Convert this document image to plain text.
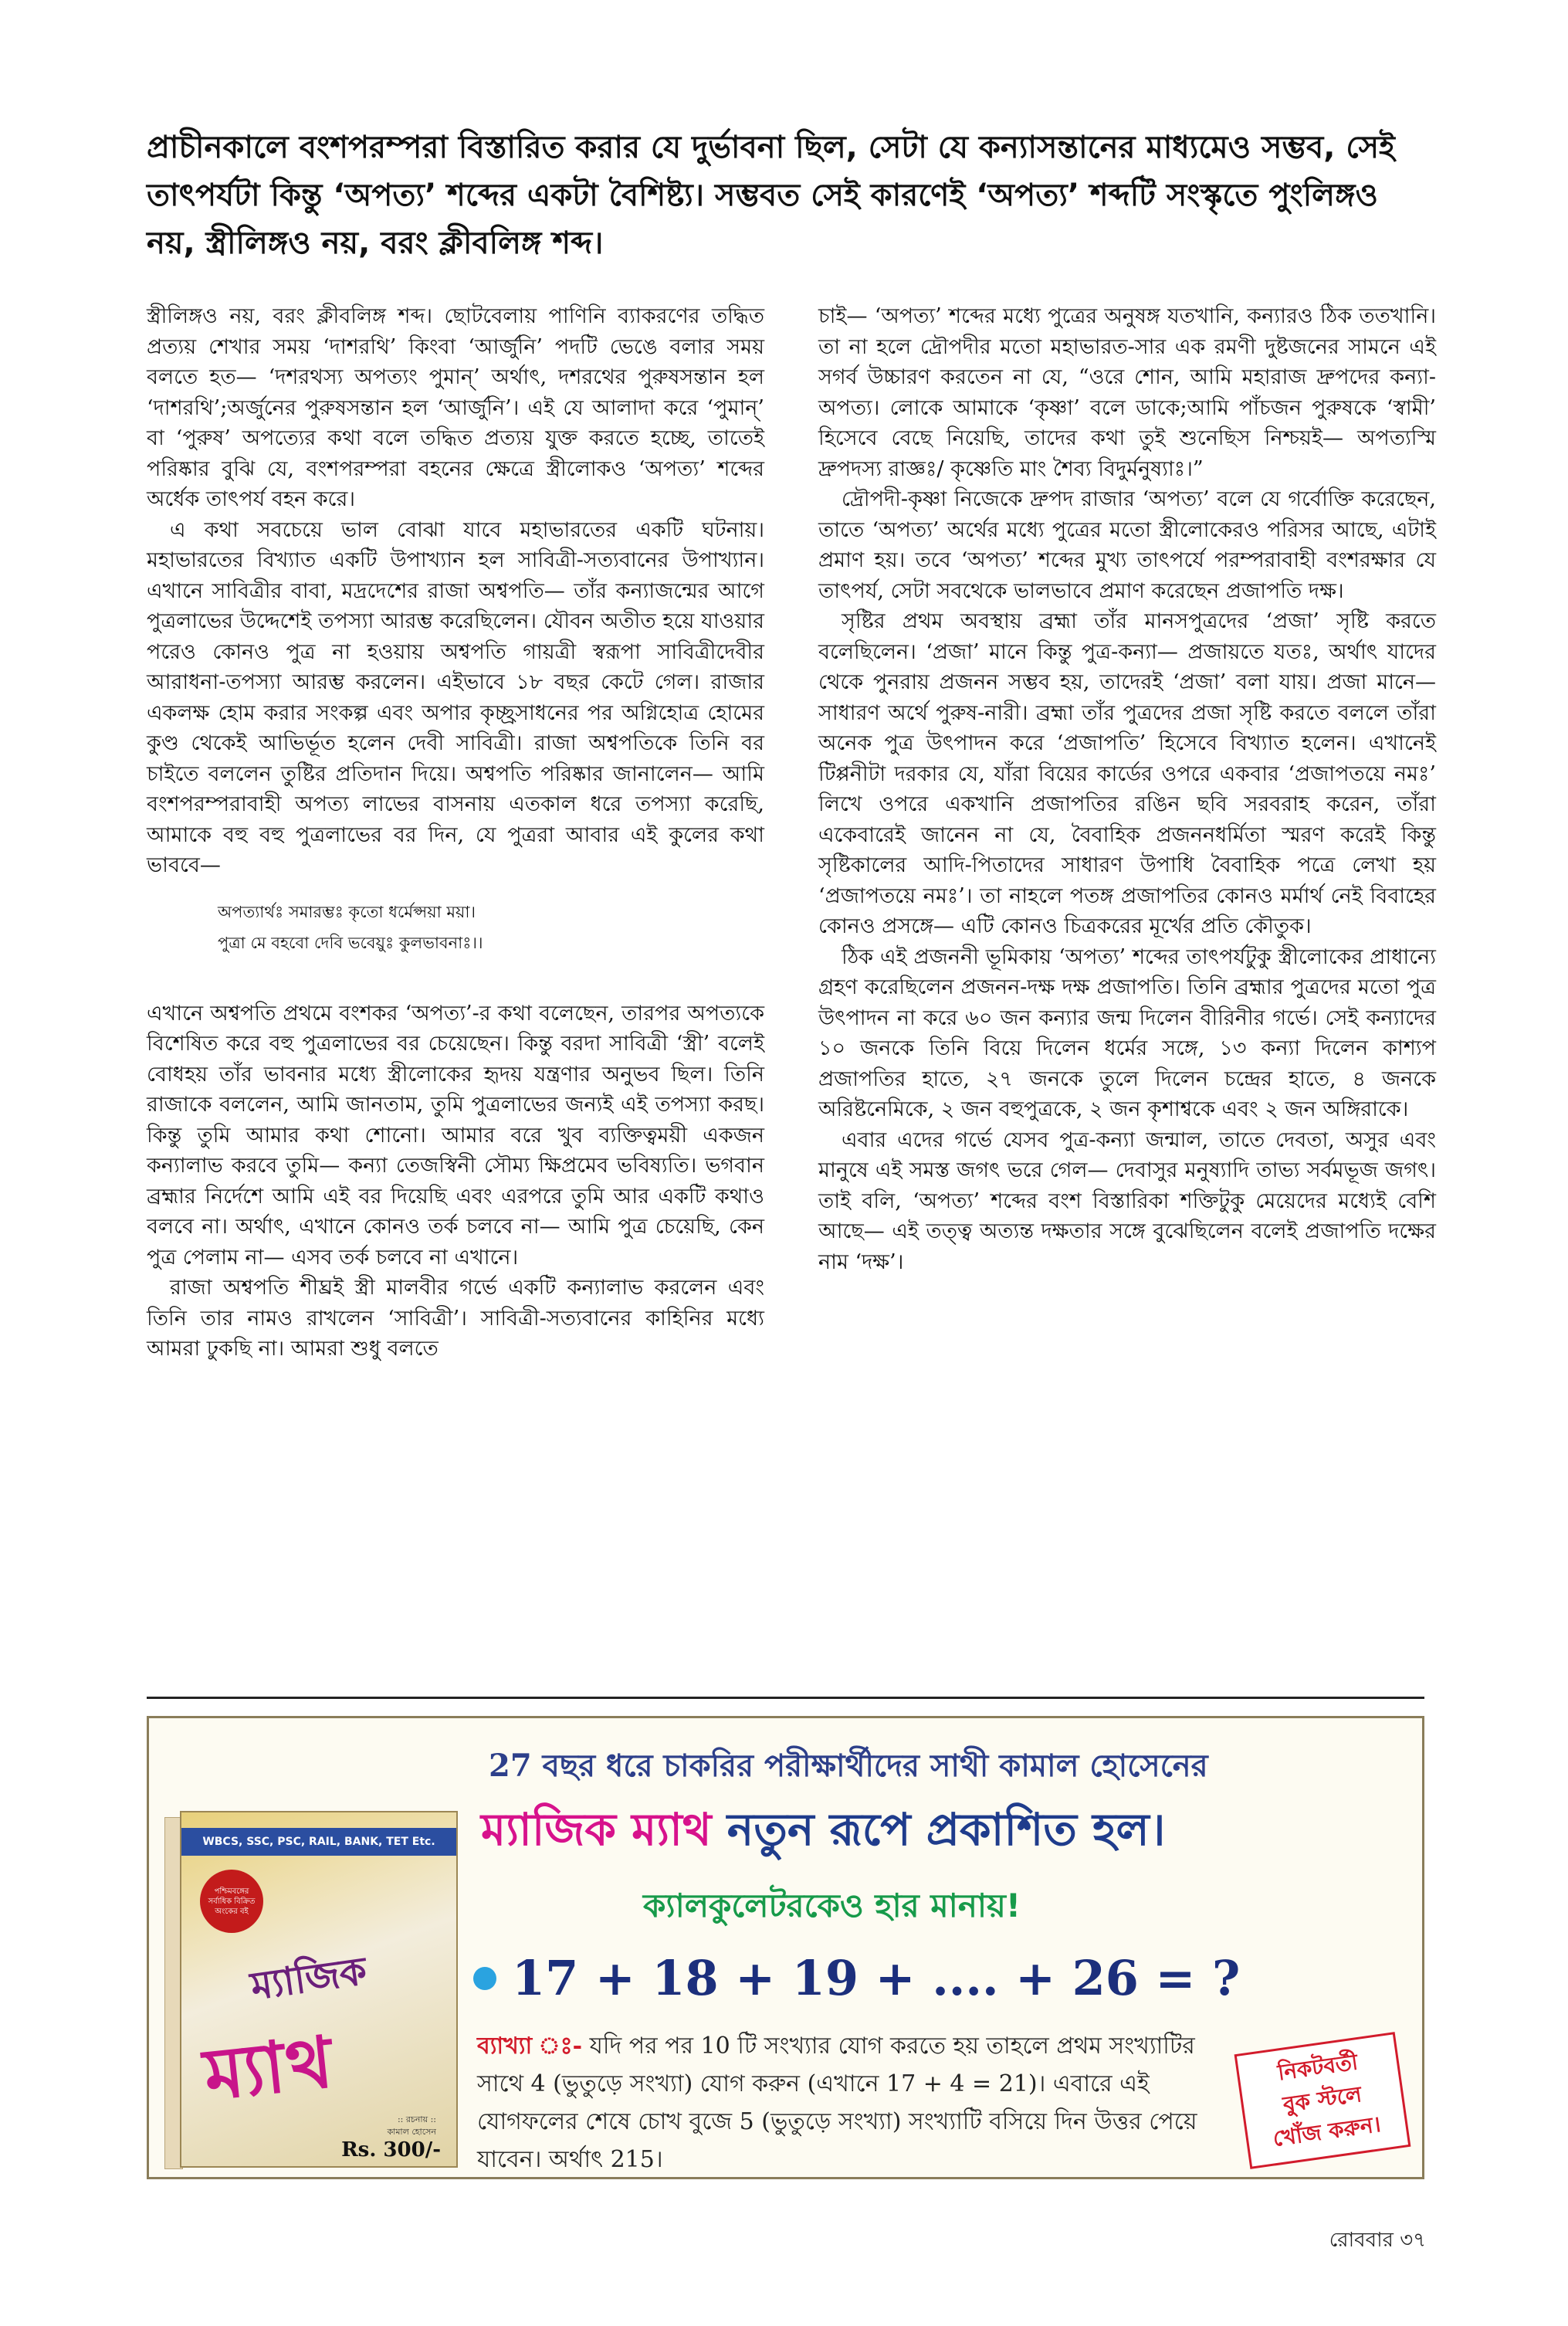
প্রাচীনকালে বংশপরম্পরা বিস্তারিত করার যে দুর্ভাবনা ছিল, সেটা যে কন্যাসন্তানের মাধ্যমেও সম্ভব, সেই তাৎপর্যটা কিন্তু ‘অপত্য’ শব্দের একটা বৈশিষ্ট্য। সম্ভবত সেই কারণেই ‘অপত্য’ শব্দটি সংস্কৃতে পুংলিঙ্গও নয়, স্ত্রীলিঙ্গও নয়, বরং ক্লীবলিঙ্গ শব্দ।

স্ত্রীলিঙ্গও নয়, বরং ক্লীবলিঙ্গ শব্দ। ছোটবেলায় পাণিনি ব্যাকরণের তদ্ধিত প্রত্যয় শেখার সময় ‘দাশরথি’ কিংবা ‘আর্জুনি’ পদটি ভেঙে বলার সময় বলতে হত— ‘দশরথস্য অপত্যং পুমান্’ অর্থাৎ, দশরথের পুরুষসন্তান হল ‘দাশরথি’;অর্জুনের পুরুষসন্তান হল ‘আর্জুনি’। এই যে আলাদা করে ‘পুমান্’ বা ‘পুরুষ’ অপত্যের কথা বলে তদ্ধিত প্রত্যয় যুক্ত করতে হচ্ছে, তাতেই পরিষ্কার বুঝি যে, বংশপরম্পরা বহনের ক্ষেত্রে স্ত্রীলোকও ‘অপত্য’ শব্দের অর্ধেক তাৎপর্য বহন করে।

এ কথা সবচেয়ে ভাল বোঝা যাবে মহাভারতের একটি ঘটনায়। মহাভারতের বিখ্যাত একটি উপাখ্যান হল সাবিত্রী-সত্যবানের উপাখ্যান। এখানে সাবিত্রীর বাবা, মদ্রদেশের রাজা অশ্বপতি— তাঁর কন্যাজন্মের আগে পুত্রলাভের উদ্দেশেই তপস্যা আরম্ভ করেছিলেন। যৌবন অতীত হয়ে যাওয়ার পরেও কোনও পুত্র না হওয়ায় অশ্বপতি গায়ত্রী স্বরূপা সাবিত্রীদেবীর আরাধনা-তপস্যা আরম্ভ করলেন। এইভাবে ১৮ বছর কেটে গেল। রাজার একলক্ষ হোম করার সংকল্প এবং অপার কৃচ্ছ্রসাধনের পর অগ্নিহোত্র হোমের কুণ্ড থেকেই আভির্ভূত হলেন দেবী সাবিত্রী। রাজা অশ্বপতিকে তিনি বর চাইতে বললেন তুষ্টির প্রতিদান দিয়ে। অশ্বপতি পরিষ্কার জানালেন— আমি বংশপরম্পরাবাহী অপত্য লাভের বাসনায় এতকাল ধরে তপস্যা করেছি, আমাকে বহু বহু পুত্রলাভের বর দিন, যে পুত্ররা আবার এই কুলের কথা ভাববে—

অপত্যার্থঃ সমারম্ভঃ কৃতো ধর্মেপ্সয়া ময়া।
পুত্রা মে বহবো দেবি ভবেয়ুঃ কুলভাবনাঃ।।

এখানে অশ্বপতি প্রথমে বংশকর ‘অপত্য’-র কথা বলেছেন, তারপর অপত্যকে বিশেষিত করে বহু পুত্রলাভের বর চেয়েছেন। কিন্তু বরদা সাবিত্রী ‘স্ত্রী’ বলেই বোধহয় তাঁর ভাবনার মধ্যে স্ত্রীলোকের হৃদয় যন্ত্রণার অনুভব ছিল। তিনি রাজাকে বললেন, আমি জানতাম, তুমি পুত্রলাভের জন্যই এই তপস্যা করছ। কিন্তু তুমি আমার কথা শোনো। আমার বরে খুব ব্যক্তিত্বময়ী একজন কন্যালাভ করবে তুমি— কন্যা তেজস্বিনী সৌম্য ক্ষিপ্রমেব ভবিষ্যতি। ভগবান ব্রহ্মার নির্দেশে আমি এই বর দিয়েছি এবং এরপরে তুমি আর একটি কথাও বলবে না। অর্থাৎ, এখানে কোনও তর্ক চলবে না— আমি পুত্র চেয়েছি, কেন পুত্র পেলাম না— এসব তর্ক চলবে না এখানে।

রাজা অশ্বপতি শীঘ্রই স্ত্রী মালবীর গর্ভে একটি কন্যালাভ করলেন এবং তিনি তার নামও রাখলেন ‘সাবিত্রী’। সাবিত্রী-সত্যবানের কাহিনির মধ্যে আমরা ঢুকছি না। আমরা শুধু বলতে

চাই— ‘অপত্য’ শব্দের মধ্যে পুত্রের অনুষঙ্গ যতখানি, কন্যারও ঠিক ততখানি। তা না হলে দ্রৌপদীর মতো মহাভারত-সার এক রমণী দুষ্টজনের সামনে এই সগর্ব উচ্চারণ করতেন না যে, “ওরে শোন, আমি মহারাজ দ্রুপদের কন্যা-অপত্য। লোকে আমাকে ‘কৃষ্ণা’ বলে ডাকে;আমি পাঁচজন পুরুষকে ‘স্বামী’ হিসেবে বেছে নিয়েছি, তাদের কথা তুই শুনেছিস নিশ্চয়ই— অপত্যস্মি দ্রুপদস্য রাজ্ঞঃ/ কৃষ্ণেতি মাং শৈব্য বিদুর্মনুষ্যাঃ।”

দ্রৌপদী-কৃষ্ণা নিজেকে দ্রুপদ রাজার ‘অপত্য’ বলে যে গর্বোক্তি করেছেন, তাতে ‘অপত্য’ অর্থের মধ্যে পুত্রের মতো স্ত্রীলোকেরও পরিসর আছে, এটাই প্রমাণ হয়। তবে ‘অপত্য’ শব্দের মুখ্য তাৎপর্যে পরম্পরাবাহী বংশরক্ষার যে তাৎপর্য, সেটা সবথেকে ভালভাবে প্রমাণ করেছেন প্রজাপতি দক্ষ।

সৃষ্টির প্রথম অবস্থায় ব্রহ্মা তাঁর মানসপুত্রদের ‘প্রজা’ সৃষ্টি করতে বলেছিলেন। ‘প্রজা’ মানে কিন্তু পুত্র-কন্যা— প্রজায়তে যতঃ, অর্থাৎ যাদের থেকে পুনরায় প্রজনন সম্ভব হয়, তাদেরই ‘প্রজা’ বলা যায়। প্রজা মানে— সাধারণ অর্থে পুরুষ-নারী। ব্রহ্মা তাঁর পুত্রদের প্রজা সৃষ্টি করতে বললে তাঁরা অনেক পুত্র উৎপাদন করে ‘প্রজাপতি’ হিসেবে বিখ্যাত হলেন। এখানেই টিপ্পনীটা দরকার যে, যাঁরা বিয়ের কার্ডের ওপরে একবার ‘প্রজাপতয়ে নমঃ’ লিখে ওপরে একখানি প্রজাপতির রঙিন ছবি সরবরাহ করেন, তাঁরা একেবারেই জানেন না যে, বৈবাহিক প্রজননধর্মিতা স্মরণ করেই কিন্তু সৃষ্টিকালের আদি-পিতাদের সাধারণ উপাধি বৈবাহিক পত্রে লেখা হয় ‘প্রজাপতয়ে নমঃ’। তা নাহলে পতঙ্গ প্রজাপতির কোনও মর্মার্থ নেই বিবাহের কোনও প্রসঙ্গে— এটি কোনও চিত্রকরের মূর্খের প্রতি কৌতুক।

ঠিক এই প্রজননী ভূমিকায় ‘অপত্য’ শব্দের তাৎপর্যটুকু স্ত্রীলোকের প্রাধান্যে গ্রহণ করেছিলেন প্রজনন-দক্ষ দক্ষ প্রজাপতি। তিনি ব্রহ্মার পুত্রদের মতো পুত্র উৎপাদন না করে ৬০ জন কন্যার জন্ম দিলেন বীরিনীর গর্ভে। সেই কন্যাদের ১০ জনকে তিনি বিয়ে দিলেন ধর্মের সঙ্গে, ১৩ কন্যা দিলেন কাশ্যপ প্রজাপতির হাতে, ২৭ জনকে তুলে দিলেন চন্দ্রের হাতে, ৪ জনকে অরিষ্টনেমিকে, ২ জন বহুপুত্রকে, ২ জন কৃশাশ্বকে এবং ২ জন অঙ্গিরাকে।

এবার এদের গর্ভে যেসব পুত্র-কন্যা জন্মাল, তাতে দেবতা, অসুর এবং মানুষে এই সমস্ত জগৎ ভরে গেল— দেবাসুর মনুষ্যাদি তাভ্য সর্বমভূজ জগৎ। তাই বলি, ‘অপত্য’ শব্দের বংশ বিস্তারিকা শক্তিটুকু মেয়েদের মধ্যেই বেশি আছে— এই তত্ত্ব অত্যন্ত দক্ষতার সঙ্গে বুঝেছিলেন বলেই প্রজাপতি দক্ষের নাম ‘দক্ষ’।

WBCS, SSC, PSC, RAIL, BANK, TET Etc.
পশ্চিমবঙ্গের সর্বাধিক বিক্রিত অংকের বই
ম্যাজিক
ম্যাথ
:: রচনায় ::
কামাল হোসেন
Rs. 300/-
27 বছর ধরে চাকরির পরীক্ষার্থীদের সাথী কামাল হোসেনের
ম্যাজিক ম্যাথ নতুন রূপে প্রকাশিত হল।
ক্যালকুলেটরকেও হার মানায়!
17 + 18 + 19 + .... + 26 = ?
ব্যাখ্যা ঃ- যদি পর পর 10 টি সংখ্যার যোগ করতে হয় তাহলে প্রথম সংখ্যাটির সাথে 4 (ভুতুড়ে সংখ্যা) যোগ করুন (এখানে 17 + 4 = 21)। এবারে এই যোগফলের শেষে চোখ বুজে 5 (ভুতুড়ে সংখ্যা) সংখ্যাটি বসিয়ে দিন উত্তর পেয়ে যাবেন। অর্থাৎ 215।
নিকটবর্তী
বুক স্টলে
খোঁজ করুন।
রোববার ৩৭
